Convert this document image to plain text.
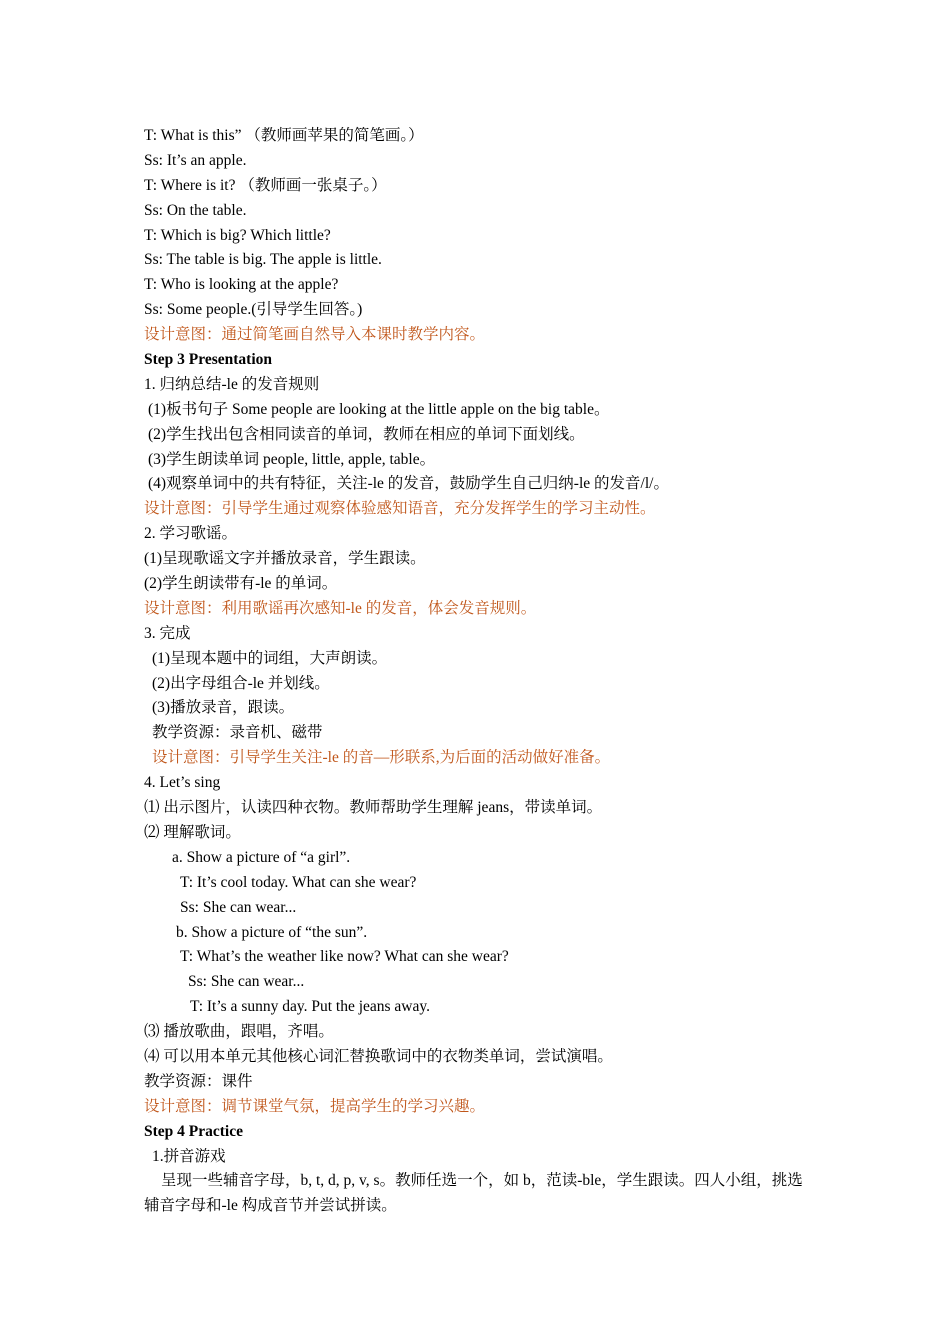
T: What is this” （教师画苹果的简笔画。）
Ss: It’s an apple.
T: Where is it? （教师画一张桌子。）
Ss: On the table.
T: Which is big? Which little?
Ss: The table is big. The apple is little.
T: Who is looking at the apple?
Ss: Some people.(引导学生回答。)
设计意图：通过简笔画自然导入本课时教学内容。
Step 3 Presentation
1. 归纳总结-le 的发音规则
(1)板书句子 Some people are looking at the little apple on the big table。
(2)学生找出包含相同读音的单词，教师在相应的单词下面划线。
(3)学生朗读单词 people, little, apple, table。
(4)观察单词中的共有特征，关注-le 的发音，鼓励学生自己归纳-le 的发音/l/。
设计意图：引导学生通过观察体验感知语音，充分发挥学生的学习主动性。
2. 学习歌谣。
(1)呈现歌谣文字并播放录音，学生跟读。
(2)学生朗读带有-le 的单词。
设计意图：利用歌谣再次感知-le 的发音，体会发音规则。
3. 完成
(1)呈现本题中的词组，大声朗读。
(2)出字母组合-le 并划线。
(3)播放录音，跟读。
教学资源：录音机、磁带
设计意图：引导学生关注-le 的音—形联系,为后面的活动做好准备。
4. Let’s sing
⑴ 出示图片，认读四种衣物。教师帮助学生理解 jeans，带读单词。
⑵ 理解歌词。
a. Show a picture of “a girl”.
T: It’s cool today. What can she wear?
Ss: She can wear...
b. Show a picture of “the sun”.
T: What’s the weather like now? What can she wear?
Ss: She can wear...
T: It’s a sunny day. Put the jeans away.
⑶ 播放歌曲，跟唱，齐唱。
⑷ 可以用本单元其他核心词汇替换歌词中的衣物类单词，尝试演唱。
教学资源：课件
设计意图：调节课堂气氛，提高学生的学习兴趣。
Step 4 Practice
1.拼音游戏
呈现一些辅音字母，b, t, d, p, v, s。教师任选一个，如 b，范读-ble，学生跟读。四人小组，挑选辅音字母和-le 构成音节并尝试拼读。
